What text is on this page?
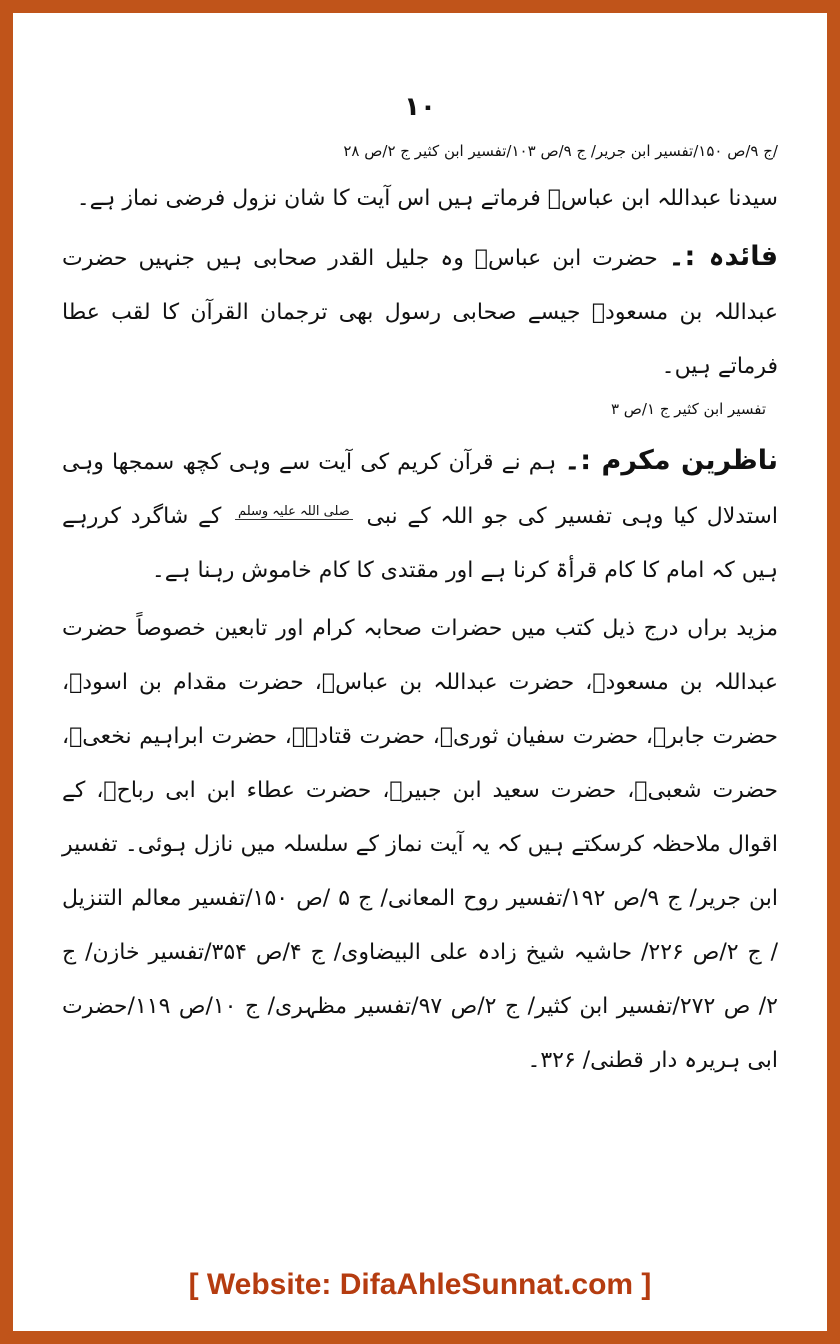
۱۰

/ج ۹/ص ۱۵۰/تفسیر ابن جریر/ ج ۹/ص ۱۰۳/تفسیر ابن کثیر ج ۲/ص ۲۸

سیدنا عبداللہ ابن عباسؓ فرماتے ہیں اس آیت کا شان نزول فرضی نماز ہے۔

فائدہ :۔ حضرت ابن عباسؓ وہ جلیل القدر صحابی ہیں جنہیں حضرت عبداللہ بن مسعودؓ جیسے صحابی رسول بھی ترجمان القرآن کا لقب عطا فرماتے ہیں۔

تفسیر ابن کثیر ج ۱/ص ۳

ناظرین مکرم :۔ ہم نے قرآن کریم کی آیت سے وہی کچھ سمجھا وہی استدلال کیا وہی تفسیر کی جو اللہ کے نبی صلی اللہ علیہ وسلم کے شاگرد کررہے ہیں کہ امام کا کام قرأۃ کرنا ہے اور مقتدی کا کام خاموش رہنا ہے۔

مزید براں درج ذیل کتب میں حضرات صحابہ کرام اور تابعین خصوصاً حضرت عبداللہ بن مسعودؓ، حضرت عبداللہ بن عباسؓ، حضرت مقدام بن اسودؓ، حضرت جابرؓ، حضرت سفیان ثوریؒ، حضرت قتادہؒ، حضرت ابراہیم نخعیؒ، حضرت شعبیؒ، حضرت سعید ابن جبیرؒ، حضرت عطاء ابن ابی رباحؒ، کے اقوال ملاحظہ کرسکتے ہیں کہ یہ آیت نماز کے سلسلہ میں نازل ہوئی۔ تفسیر ابن جریر/ ج ۹/ص ۱۹۲/تفسیر روح المعانی/ ج ۵ /ص ۱۵۰/تفسیر معالم التنزیل / ج ۲/ص ۲۲۶/ حاشیہ شیخ زادہ علی البیضاوی/ ج ۴/ص ۳۵۴/تفسیر خازن/ ج ۲/ ص ۲۷۲/تفسیر ابن کثیر/ ج ۲/ص ۹۷/تفسیر مظہری/ ج ۱۰/ص ۱۱۹/حضرت ابی ہریرہ دار قطنی/ ۳۲۶۔

[ Website: DifaAhleSunnat.com ]
